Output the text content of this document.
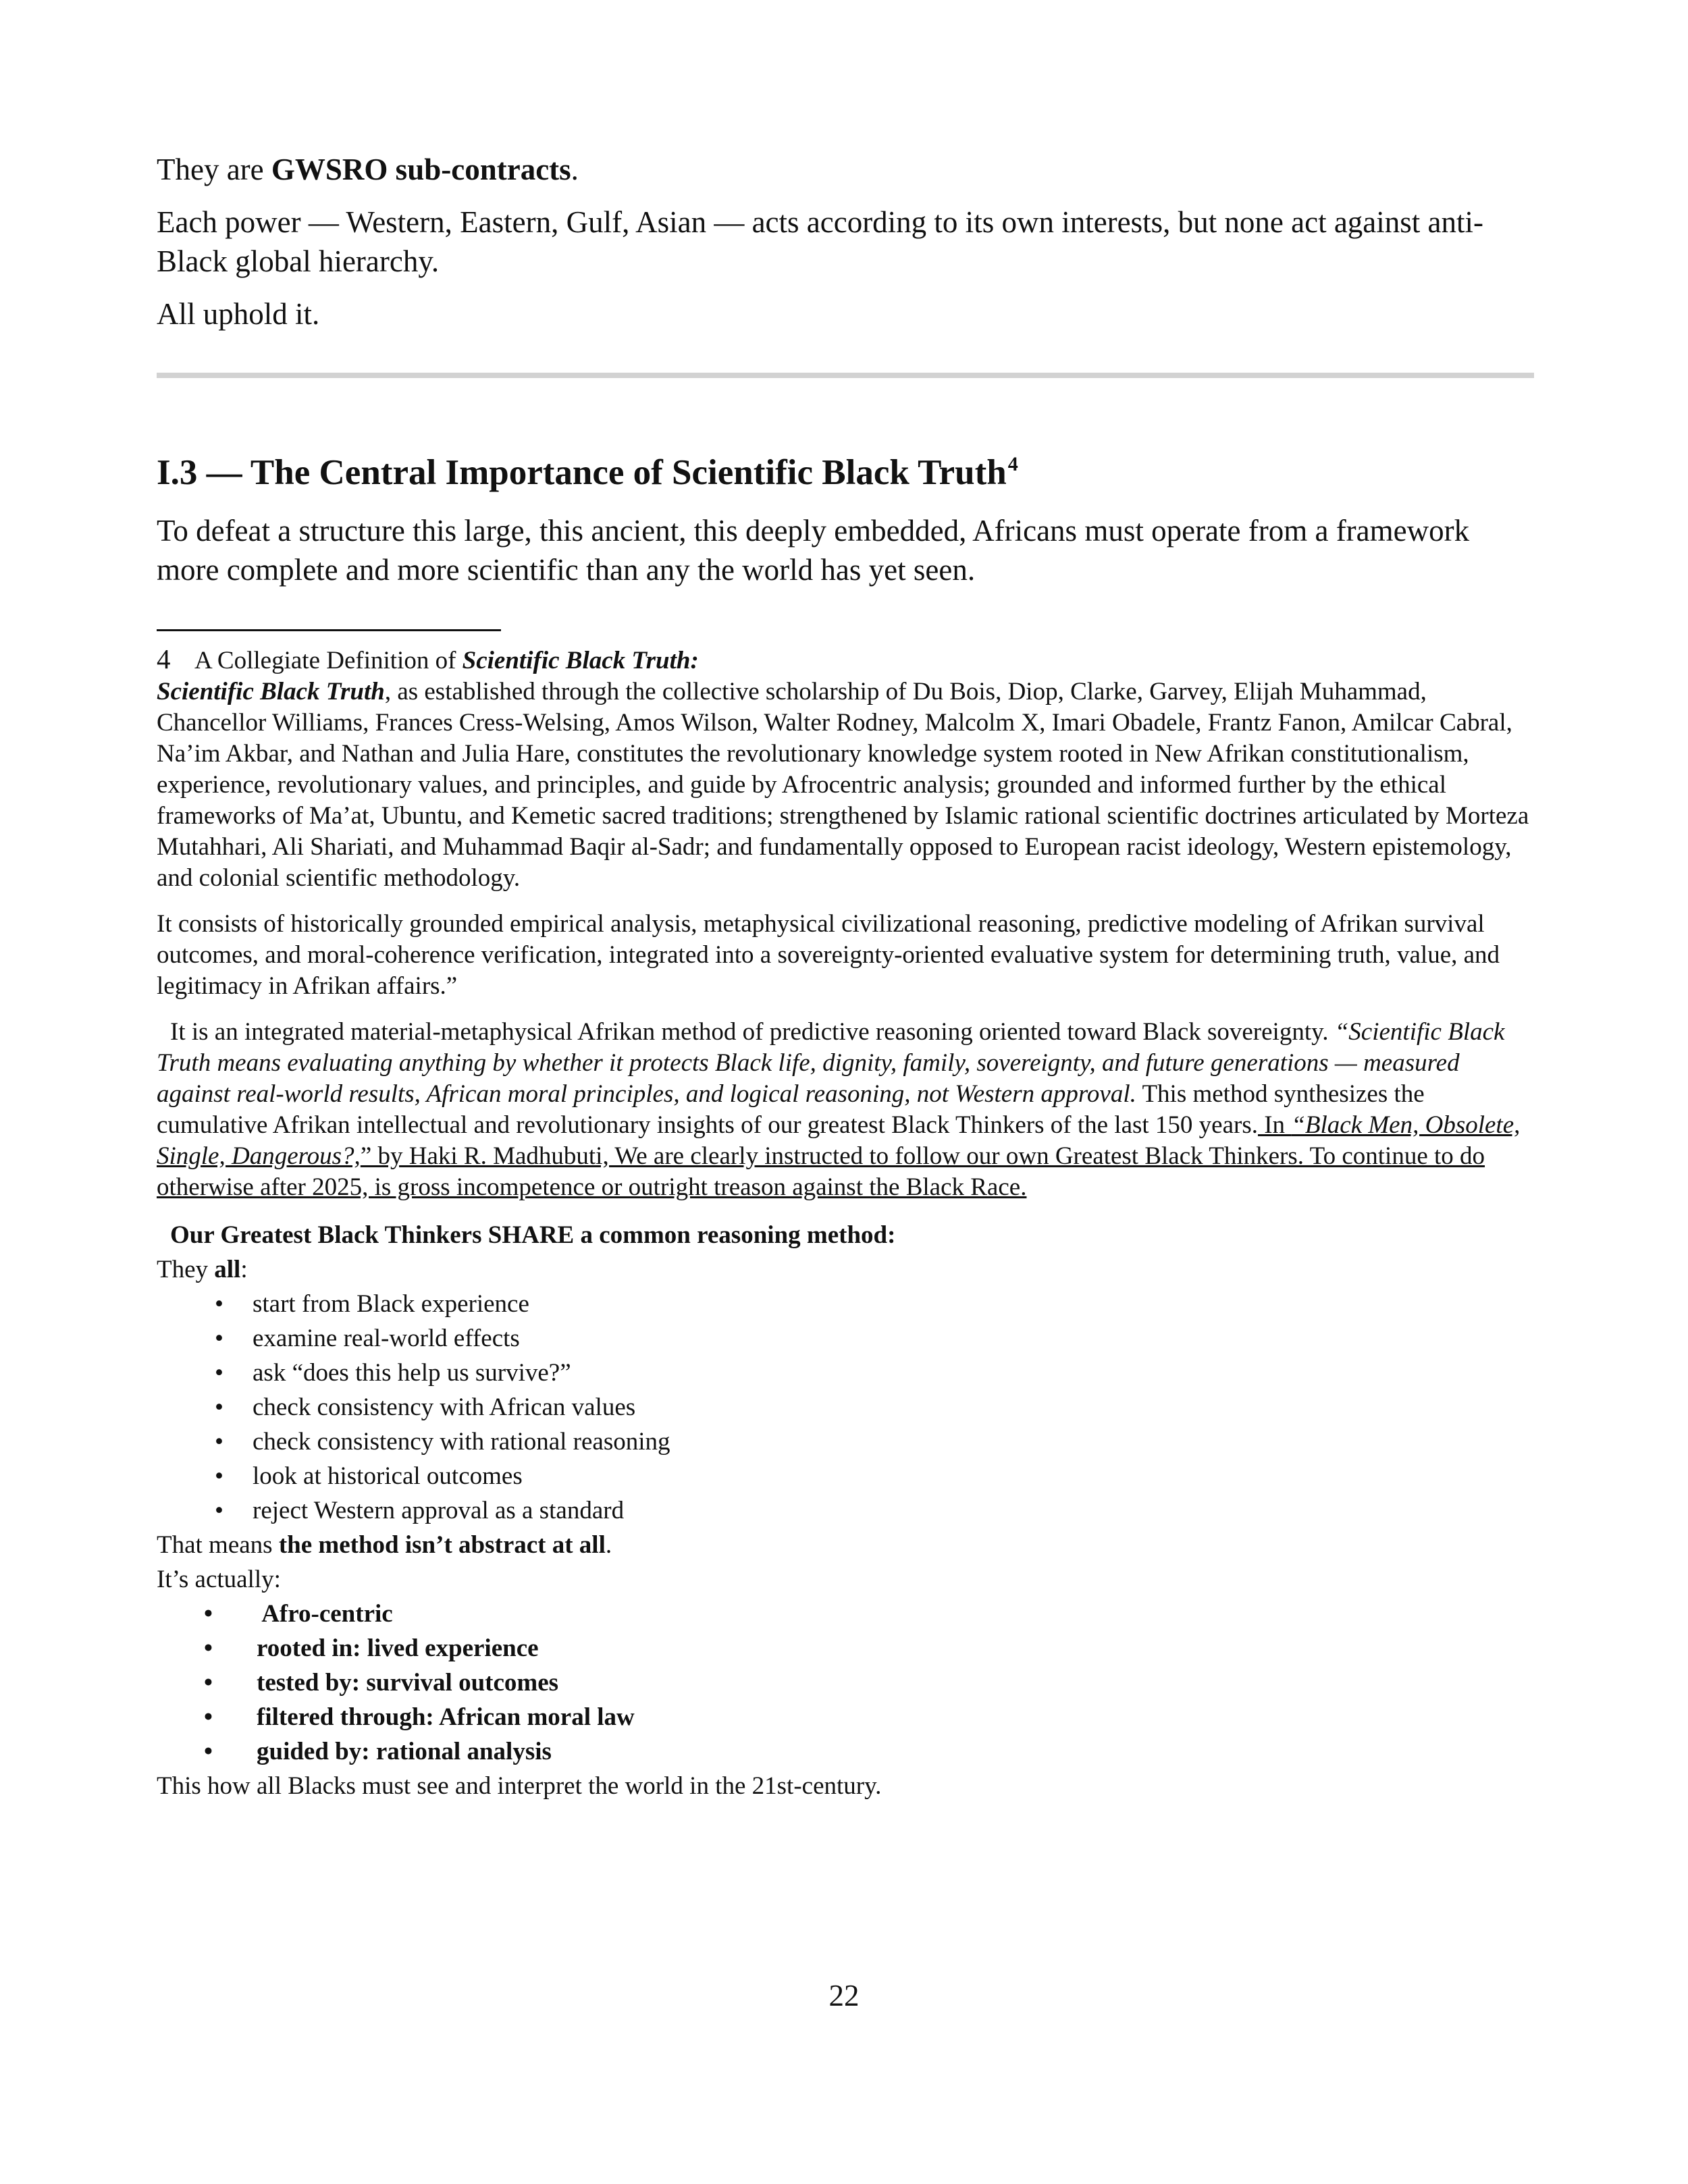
They are GWSRO sub-contracts.

Each power — Western, Eastern, Gulf, Asian — acts according to its own interests, but none act against anti-Black global hierarchy.

All uphold it.

I.3 — The Central Importance of Scientific Black Truth$^4$

To defeat a structure this large, this ancient, this deeply embedded, Africans must operate from a framework more complete and more scientific than any the world has yet seen.

4 A Collegiate Definition of Scientific Black Truth:

Scientific Black Truth, as established through the collective scholarship of Du Bois, Diop, Clarke, Garvey, Elijah Muhammad, Chancellor Williams, Frances Cress-Welsing, Amos Wilson, Walter Rodney, Malcolm X, Imari Obadele, Frantz Fanon, Amilcar Cabral, Na’im Akbar, and Nathan and Julia Hare, constitutes the revolutionary knowledge system rooted in New Afrikan constitutionalism, experience, revolutionary values, and principles, and guide by Afrocentric analysis; grounded and informed further by the ethical frameworks of Ma’at, Ubuntu, and Kemetic sacred traditions; strengthened by Islamic rational scientific doctrines articulated by Morteza Mutahhari, Ali Shariati, and Muhammad Baqir al-Sadr; and fundamentally opposed to European racist ideology, Western epistemology, and colonial scientific methodology.

It consists of historically grounded empirical analysis, metaphysical civilizational reasoning, predictive modeling of Afrikan survival outcomes, and moral-coherence verification, integrated into a sovereignty-oriented evaluative system for determining truth, value, and legitimacy in Afrikan affairs.”

It is an integrated material-metaphysical Afrikan method of predictive reasoning oriented toward Black sovereignty. “Scientific Black Truth means evaluating anything by whether it protects Black life, dignity, family, sovereignty, and future generations — measured against real-world results, African moral principles, and logical reasoning, not Western approval. This method synthesizes the cumulative Afrikan intellectual and revolutionary insights of our greatest Black Thinkers of the last 150 years. In “Black Men, Obsolete, Single, Dangerous?,” by Haki R. Madhubuti, We are clearly instructed to follow our own Greatest Black Thinkers. To continue to do otherwise after 2025, is gross incompetence or outright treason against the Black Race.

Our Greatest Black Thinkers SHARE a common reasoning method:

They all:

• start from Black experience
• examine real-world effects
• ask “does this help us survive?”
• check consistency with African values
• check consistency with rational reasoning
• look at historical outcomes
• reject Western approval as a standard

That means the method isn’t abstract at all.

It’s actually:

• Afro-centric
• rooted in: lived experience
• tested by: survival outcomes
• filtered through: African moral law
• guided by: rational analysis

This how all Blacks must see and interpret the world in the 21st-century.

22
